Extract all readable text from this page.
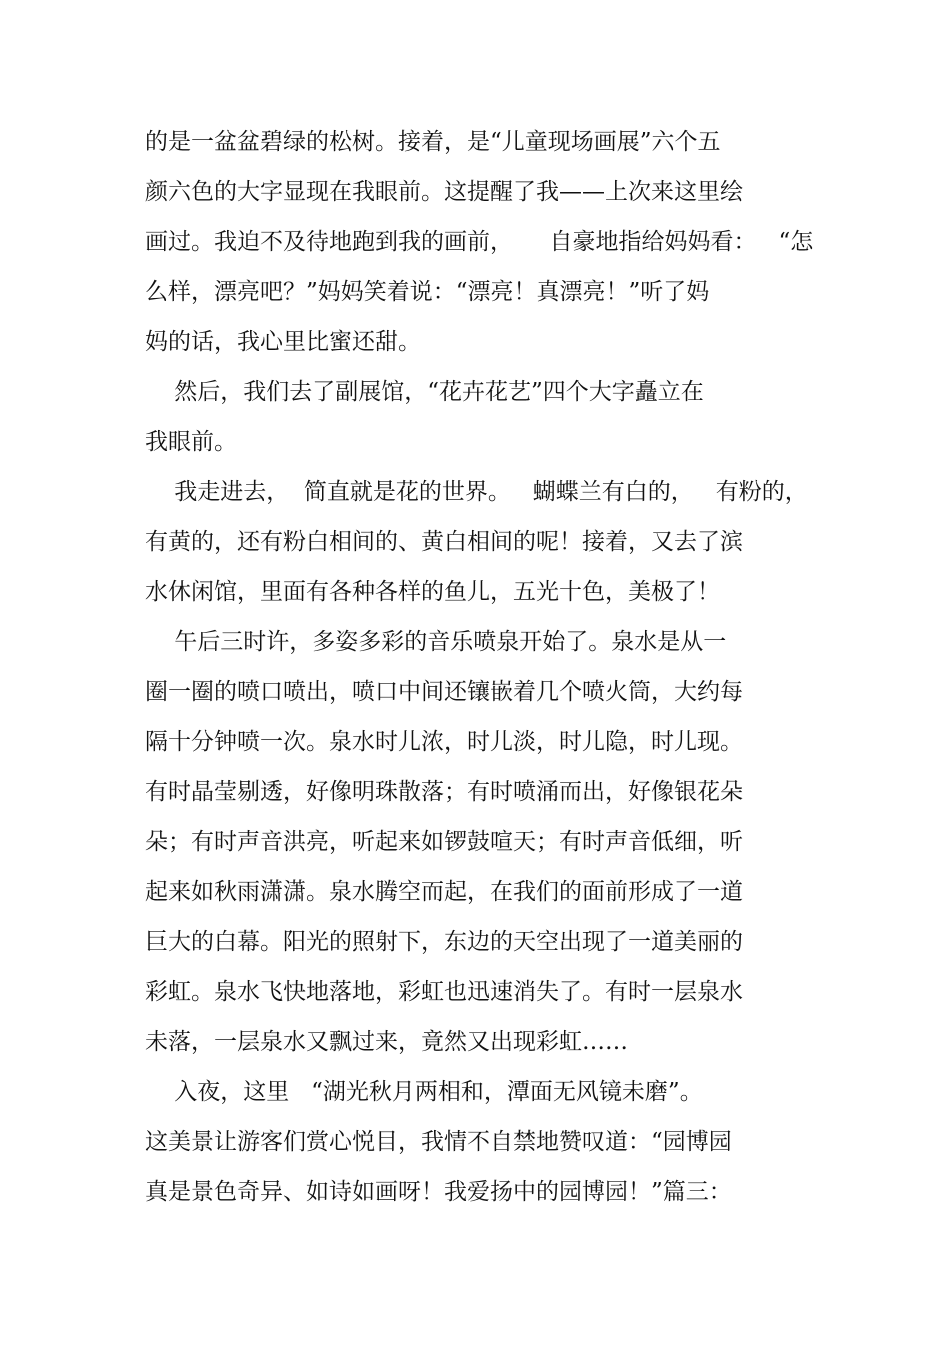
的是一盆盆碧绿的松树。接着，是“儿童现场画展”六个五
颜六色的大字显现在我眼前。这提醒了我——上次来这里绘
画过。我迫不及待地跑到我的画前，     自豪地指给妈妈看：   “怎
么样，漂亮吧？”妈妈笑着说：“漂亮！真漂亮！”听了妈
妈的话，我心里比蜜还甜。
然后，我们去了副展馆，“花卉花艺”四个大字矗立在
我眼前。
我走进去，  简直就是花的世界。   蝴蝶兰有白的，   有粉的，
有黄的，还有粉白相间的、黄白相间的呢！接着，又去了滨
水休闲馆，里面有各种各样的鱼儿，五光十色，美极了！
午后三时许，多姿多彩的音乐喷泉开始了。泉水是从一
圈一圈的喷口喷出，喷口中间还镶嵌着几个喷火筒，大约每
隔十分钟喷一次。泉水时儿浓，时儿淡，时儿隐，时儿现。
有时晶莹剔透，好像明珠散落；有时喷涌而出，好像银花朵
朵；有时声音洪亮，听起来如锣鼓喧天；有时声音低细，听
起来如秋雨潇潇。泉水腾空而起，在我们的面前形成了一道
巨大的白幕。阳光的照射下，东边的天空出现了一道美丽的
彩虹。泉水飞快地落地，彩虹也迅速消失了。有时一层泉水
未落，一层泉水又飘过来，竟然又出现彩虹……
入夜，这里   “湖光秋月两相和，潭面无风镜未磨”。
这美景让游客们赏心悦目，我情不自禁地赞叹道：“园博园
真是景色奇异、如诗如画呀！我爱扬中的园博园！”篇三：
